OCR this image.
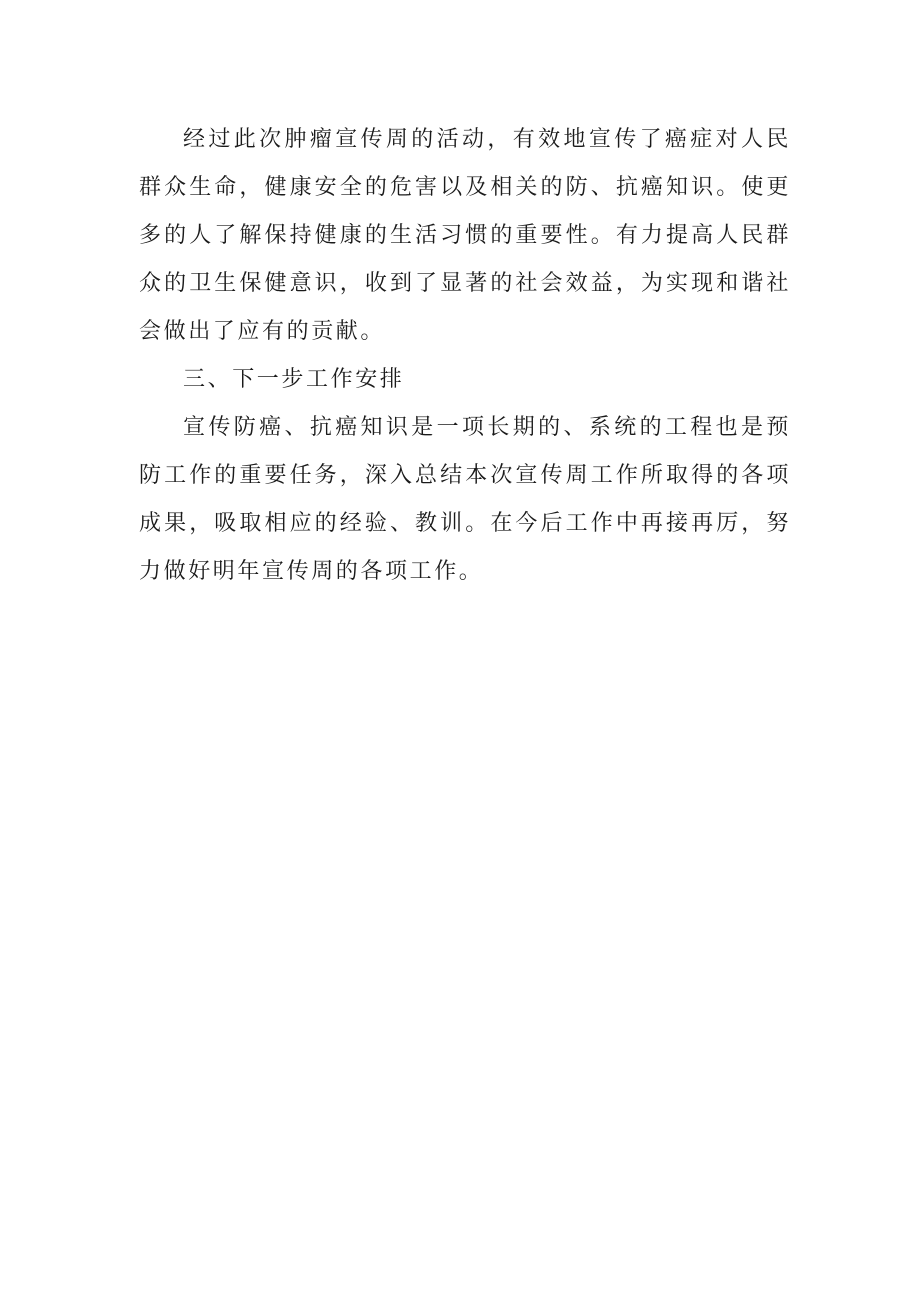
经过此次肿瘤宣传周的活动，有效地宣传了癌症对人民群众生命，健康安全的危害以及相关的防、抗癌知识。使更多的人了解保持健康的生活习惯的重要性。有力提高人民群众的卫生保健意识，收到了显著的社会效益，为实现和谐社会做出了应有的贡献。

三、下一步工作安排

宣传防癌、抗癌知识是一项长期的、系统的工程也是预防工作的重要任务，深入总结本次宣传周工作所取得的各项成果，吸取相应的经验、教训。在今后工作中再接再厉，努力做好明年宣传周的各项工作。
